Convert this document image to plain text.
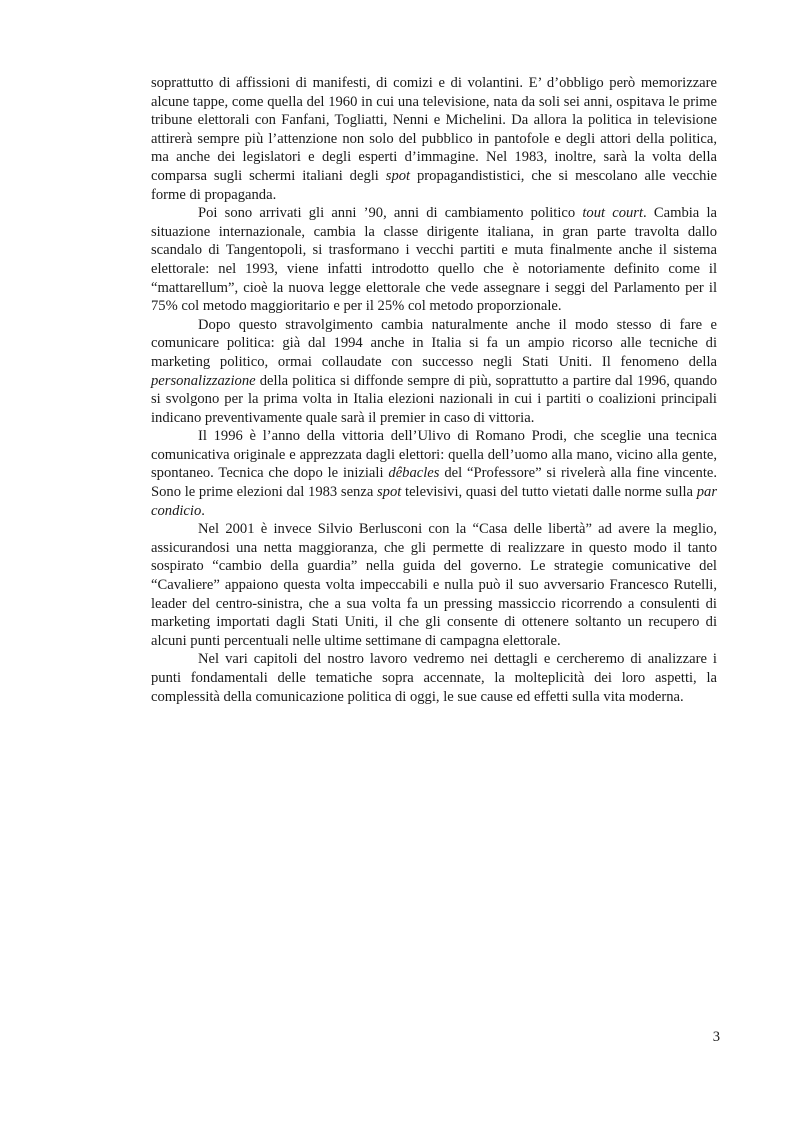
soprattutto di affissioni di manifesti, di comizi e di volantini. E’ d’obbligo però memorizzare alcune tappe, come quella del 1960 in cui una televisione, nata da soli sei anni, ospitava le prime tribune elettorali con Fanfani, Togliatti, Nenni e Michelini. Da allora la politica in televisione attirerà sempre più l’attenzione non solo del pubblico in pantofole e degli attori della politica, ma anche dei legislatori e degli esperti d’immagine. Nel 1983, inoltre, sarà la volta della comparsa sugli schermi italiani degli spot propagandististici, che si mescolano alle vecchie forme di propaganda.

Poi sono arrivati gli anni ’90, anni di cambiamento politico tout court. Cambia la situazione internazionale, cambia la classe dirigente italiana, in gran parte travolta dallo scandalo di Tangentopoli, si trasformano i vecchi partiti e muta finalmente anche il sistema elettorale: nel 1993, viene infatti introdotto quello che è notoriamente definito come il “mattarellum”, cioè la nuova legge elettorale che vede assegnare i seggi del Parlamento per il 75% col metodo maggioritario e per il 25% col metodo proporzionale.

Dopo questo stravolgimento cambia naturalmente anche il modo stesso di fare e comunicare politica: già dal 1994 anche in Italia si fa un ampio ricorso alle tecniche di marketing politico, ormai collaudate con successo negli Stati Uniti. Il fenomeno della personalizzazione della politica si diffonde sempre di più, soprattutto a partire dal 1996, quando si svolgono per la prima volta in Italia elezioni nazionali in cui i partiti o coalizioni principali indicano preventivamente quale sarà il premier in caso di vittoria.

Il 1996 è l’anno della vittoria dell’Ulivo di Romano Prodi, che sceglie una tecnica comunicativa originale e apprezzata dagli elettori: quella dell’uomo alla mano, vicino alla gente, spontaneo. Tecnica che dopo le iniziali dêbacles del “Professore” si rivelerà alla fine vincente. Sono le prime elezioni dal 1983 senza spot televisivi, quasi del tutto vietati dalle norme sulla par condicio.

Nel 2001 è invece Silvio Berlusconi con la “Casa delle libertà” ad avere la meglio, assicurandosi una netta maggioranza, che gli permette di realizzare in questo modo il tanto sospirato “cambio della guardia” nella guida del governo. Le strategie comunicative del “Cavaliere” appaiono questa volta impeccabili e nulla può il suo avversario Francesco Rutelli, leader del centro-sinistra, che a sua volta fa un pressing massiccio ricorrendo a consulenti di marketing importati dagli Stati Uniti, il che gli consente di ottenere soltanto un recupero di alcuni punti percentuali nelle ultime settimane di campagna elettorale.

Nel vari capitoli del nostro lavoro vedremo nei dettagli e cercheremo di analizzare i punti fondamentali delle tematiche sopra accennate, la molteplicità dei loro aspetti, la complessità della comunicazione politica di oggi, le sue cause ed effetti sulla vita moderna.

3
